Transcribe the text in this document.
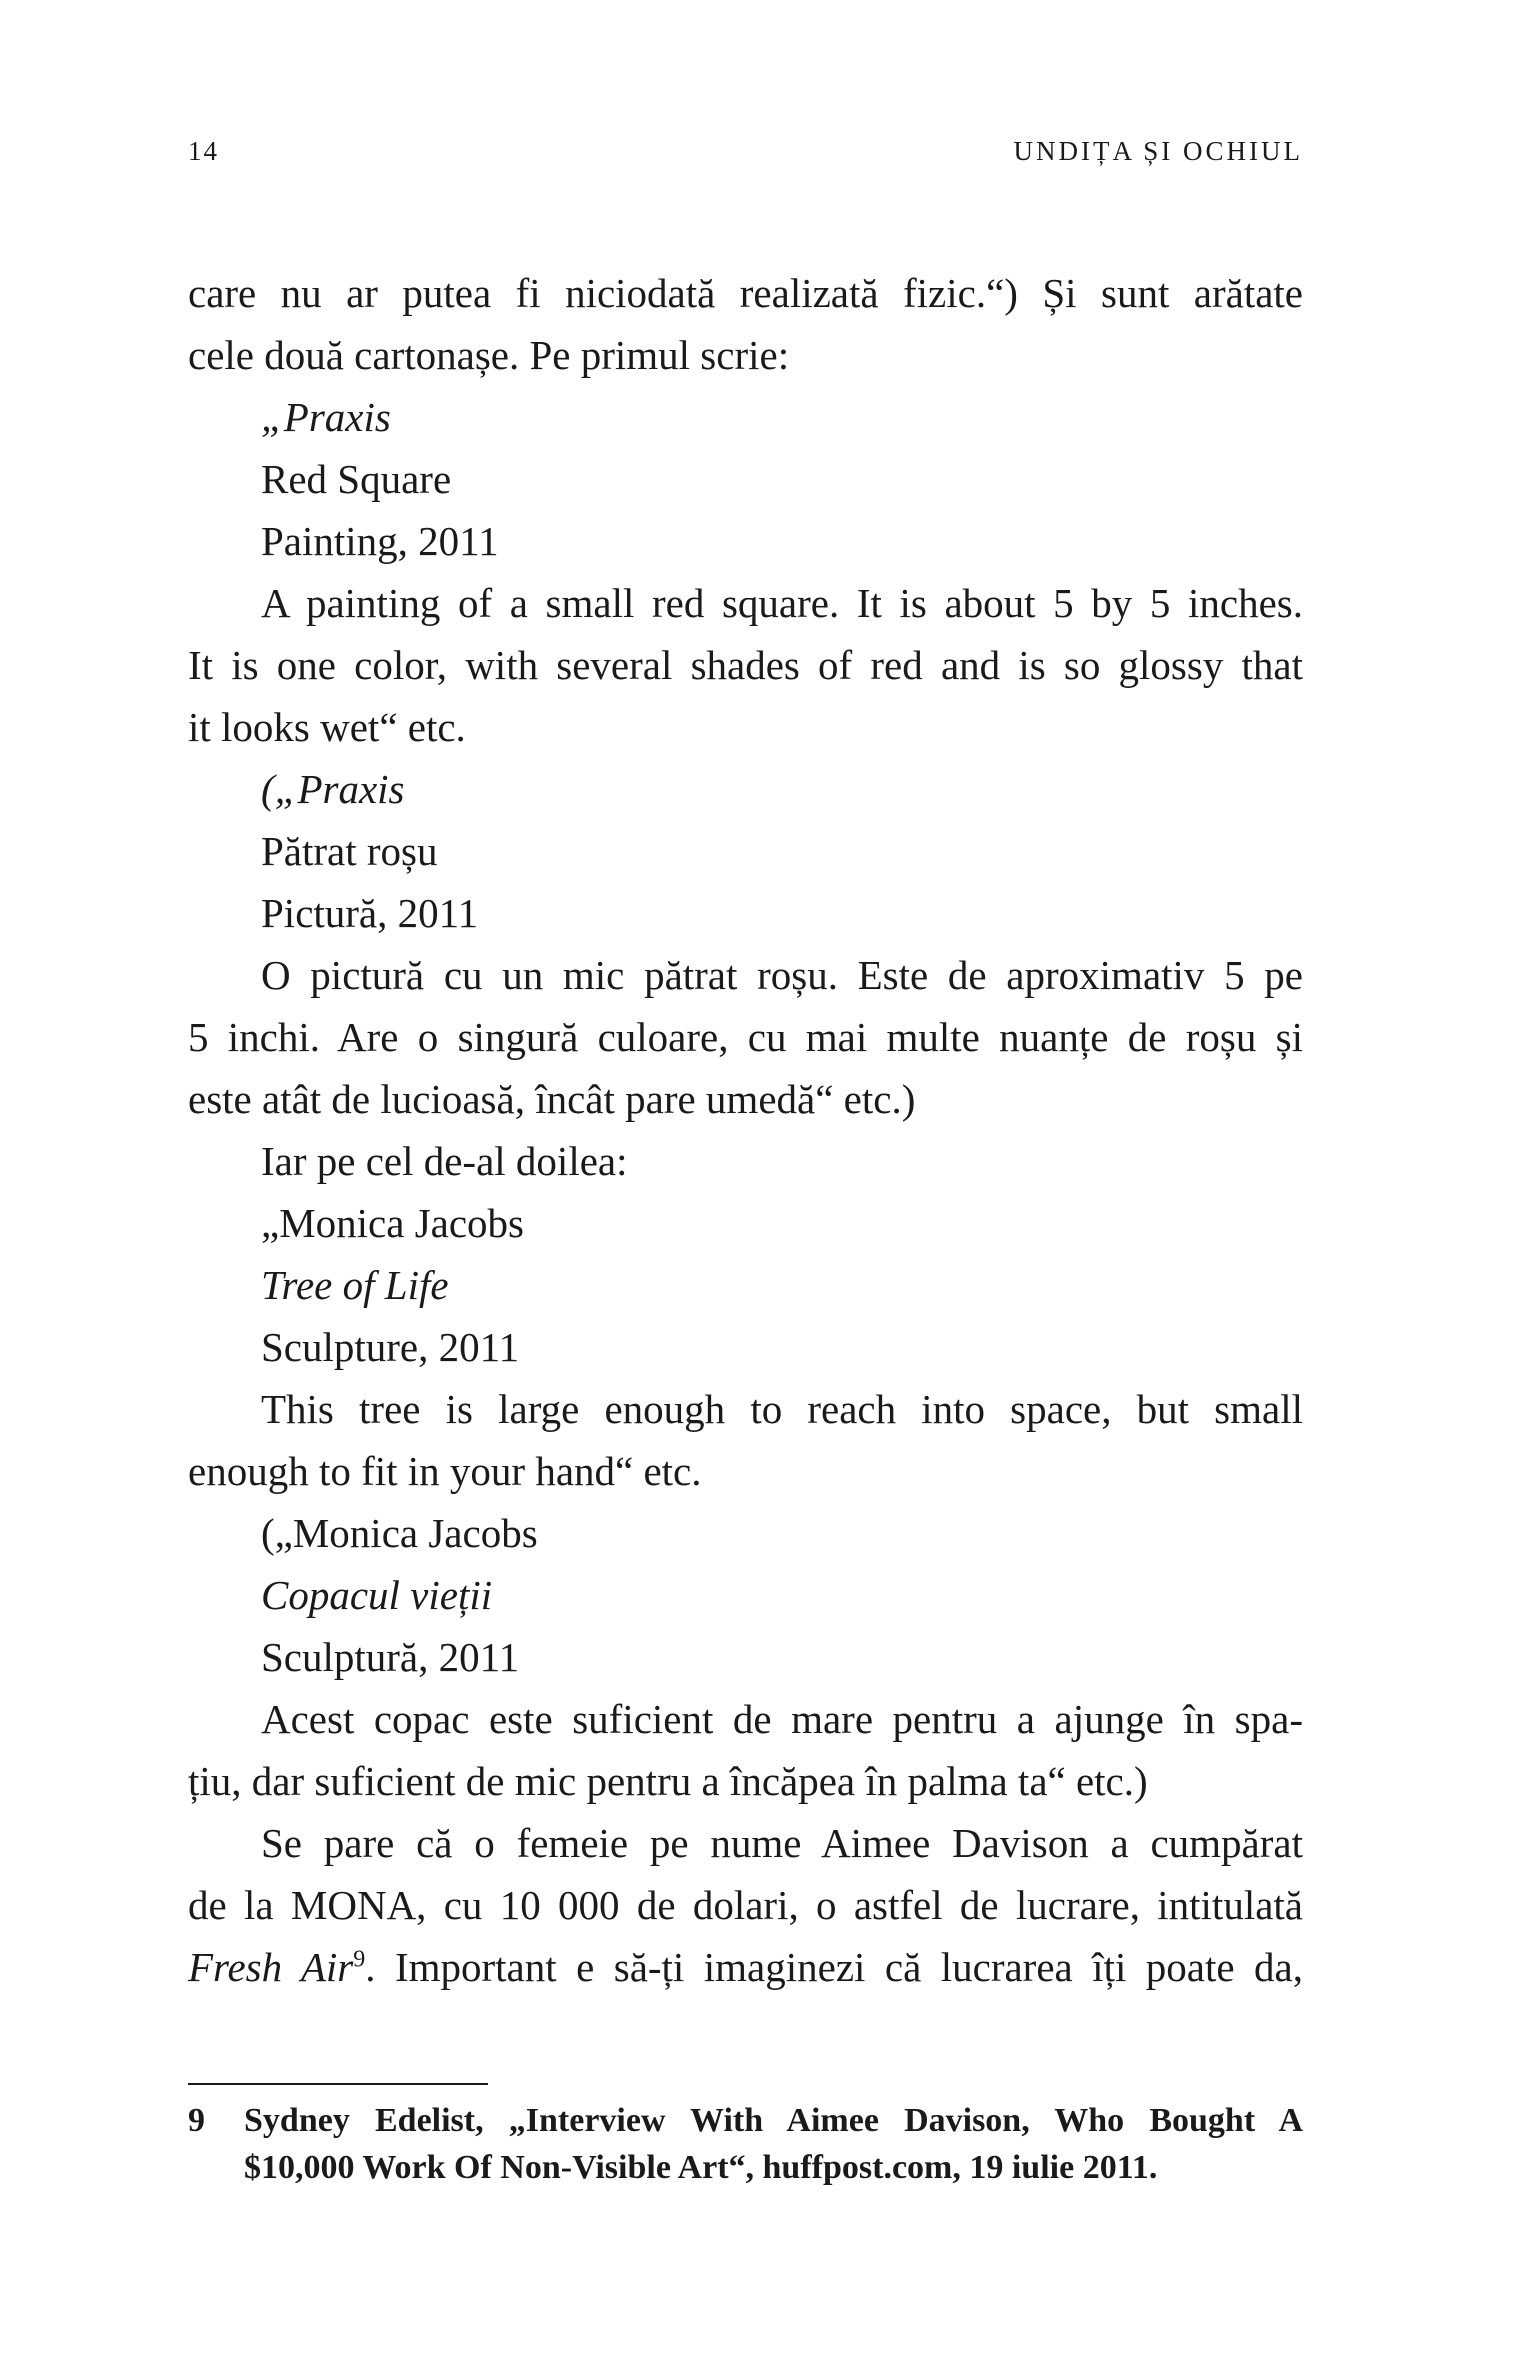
14	UNDIȚA ȘI OCHIUL
care nu ar putea fi niciodată realizată fizic.“) Și sunt arătate
cele două cartonașe. Pe primul scrie:
„Praxis
Red Square
Painting, 2011
A painting of a small red square. It is about 5 by 5 inches.
It is one color, with several shades of red and is so glossy that
it looks wet“ etc.
(„Praxis
Pătrat roșu
Pictură, 2011
O pictură cu un mic pătrat roșu. Este de aproximativ 5 pe
5 inchi. Are o singură culoare, cu mai multe nuanțe de roșu și
este atât de lucioasă, încât pare umedă“ etc.)
Iar pe cel de-al doilea:
„Monica Jacobs
Tree of Life
Sculpture, 2011
This tree is large enough to reach into space, but small
enough to fit in your hand“ etc.
(„Monica Jacobs
Copacul vieții
Sculptură, 2011
Acest copac este suficient de mare pentru a ajunge în spa-
țiu, dar suficient de mic pentru a încăpea în palma ta“ etc.)
Se pare că o femeie pe nume Aimee Davison a cumpărat
de la MONA, cu 10 000 de dolari, o astfel de lucrare, intitulată
Fresh Air$^9$. Important e să-ți imaginezi că lucrarea îți poate da,
9 Sydney Edelist, „Interview With Aimee Davison, Who Bought A
$10,000 Work Of Non-Visible Art“, huffpost.com, 19 iulie 2011.
